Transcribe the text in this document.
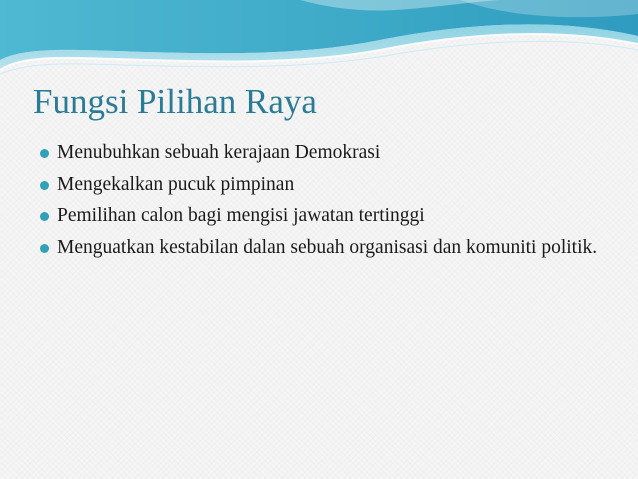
Fungsi Pilihan Raya
Menubuhkan sebuah kerajaan Demokrasi
Mengekalkan pucuk pimpinan
Pemilihan calon bagi mengisi jawatan tertinggi
Menguatkan kestabilan dalan sebuah organisasi dan komuniti politik.
